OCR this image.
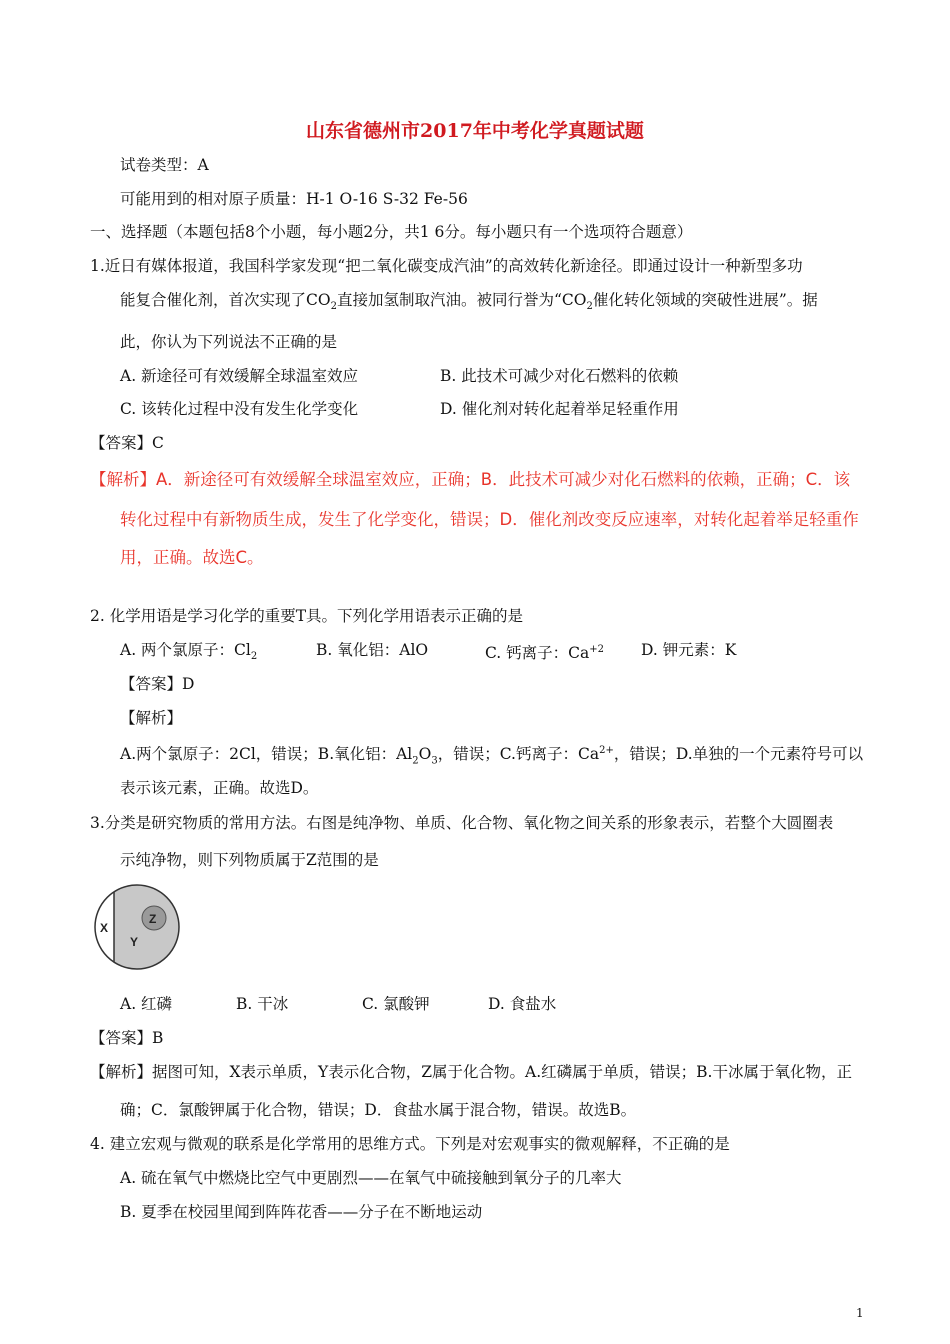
山东省德州市2017年中考化学真题试题
试卷类型：A
可能用到的相对原子质量：H-1 O-16 S-32 Fe-56
一、选择题（本题包括8个小题，每小题2分，共1 6分。每小题只有一个选项符合题意）
1.近日有媒体报道，我国科学家发现“把二氧化碳变成汽油”的高效转化新途径。即通过设计一种新型多功
能复合催化剂，首次实现了$CO_2$直接加氢制取汽油。被同行誉为“$CO_2$催化转化领域的突破性进展”。据
此，你认为下列说法不正确的是
A. 新途径可有效缓解全球温室效应	B. 此技术可减少对化石燃料的依赖
C. 该转化过程中没有发生化学变化	D. 催化剂对转化起着举足轻重作用
【答案】C
【解析】A．新途径可有效缓解全球温室效应，正确；B．此技术可减少对化石燃料的依赖，正确；C．该
转化过程中有新物质生成，发生了化学变化，错误；D．催化剂改变反应速率，对转化起着举足轻重作
用，正确。故选C。
2. 化学用语是学习化学的重要T具。下列化学用语表示正确的是
A. 两个氯原子：$Cl_2$	B. 氧化铝：AlO	C. 钙离子：$Ca^{+2}$ D. 钾元素：K
【答案】D
【解析】
A.两个氯原子：2Cl，错误；B.氧化铝：$Al_2O_3$，错误；C.钙离子：$Ca^{2+}$，错误；D.单独的一个元素符号可以
表示该元素，正确。故选D。
3.分类是研究物质的常用方法。右图是纯净物、单质、化合物、氧化物之间关系的形象表示，若整个大圆圈表
示纯净物，则下列物质属于Z范围的是
X
Y
Z
A. 红磷	B. 干冰	C. 氯酸钾	D. 食盐水
【答案】B
【解析】据图可知，X表示单质，Y表示化合物，Z属于化合物。A.红磷属于单质，错误；B.干冰属于氧化物，正
确；C．氯酸钾属于化合物，错误；D．食盐水属于混合物，错误。故选B。
4. 建立宏观与微观的联系是化学常用的思维方式。下列是对宏观事实的微观解释，不正确的是
A. 硫在氧气中燃烧比空气中更剧烈——在氧气中硫接触到氧分子的几率大
B. 夏季在校园里闻到阵阵花香——分子在不断地运动
1
